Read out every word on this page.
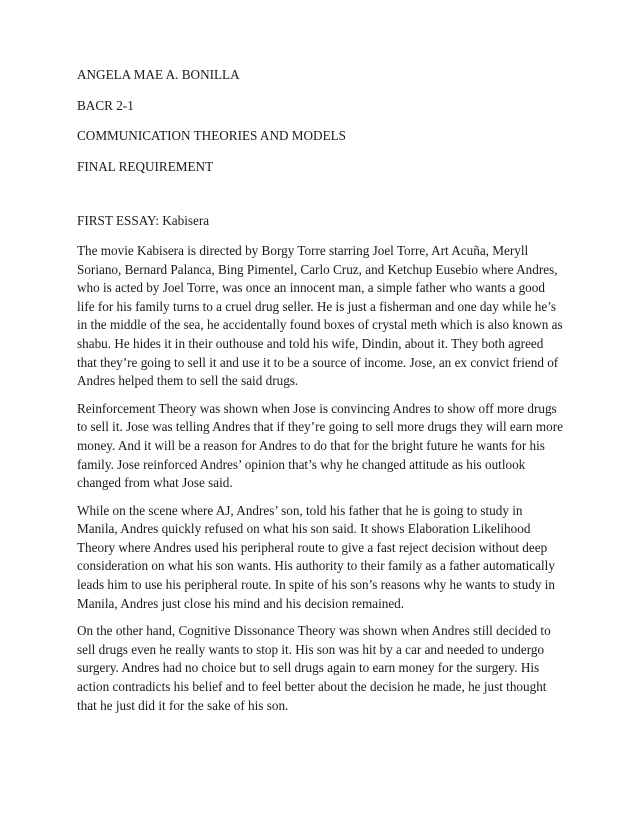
ANGELA MAE A. BONILLA
BACR 2-1
COMMUNICATION THEORIES AND MODELS
FINAL REQUIREMENT
FIRST ESSAY: Kabisera

The movie Kabisera is directed by Borgy Torre starring Joel Torre, Art Acuña, Meryll Soriano, Bernard Palanca, Bing Pimentel, Carlo Cruz, and Ketchup Eusebio where Andres, who is acted by Joel Torre, was once an innocent man, a simple father who wants a good life for his family turns to a cruel drug seller. He is just a fisherman and one day while he’s in the middle of the sea, he accidentally found boxes of crystal meth which is also known as shabu. He hides it in their outhouse and told his wife, Dindin, about it. They both agreed that they’re going to sell it and use it to be a source of income. Jose, an ex convict friend of Andres helped them to sell the said drugs.

Reinforcement Theory was shown when Jose is convincing Andres to show off more drugs to sell it. Jose was telling Andres that if they’re going to sell more drugs they will earn more money. And it will be a reason for Andres to do that for the bright future he wants for his family. Jose reinforced Andres’ opinion that’s why he changed attitude as his outlook changed from what Jose said.

While on the scene where AJ, Andres’ son, told his father that he is going to study in Manila, Andres quickly refused on what his son said. It shows Elaboration Likelihood Theory where Andres used his peripheral route to give a fast reject decision without deep consideration on what his son wants. His authority to their family as a father automatically leads him to use his peripheral route. In spite of his son’s reasons why he wants to study in Manila, Andres just close his mind and his decision remained.

On the other hand, Cognitive Dissonance Theory was shown when Andres still decided to sell drugs even he really wants to stop it. His son was hit by a car and needed to undergo surgery. Andres had no choice but to sell drugs again to earn money for the surgery. His action contradicts his belief and to feel better about the decision he made, he just thought that he just did it for the sake of his son.
